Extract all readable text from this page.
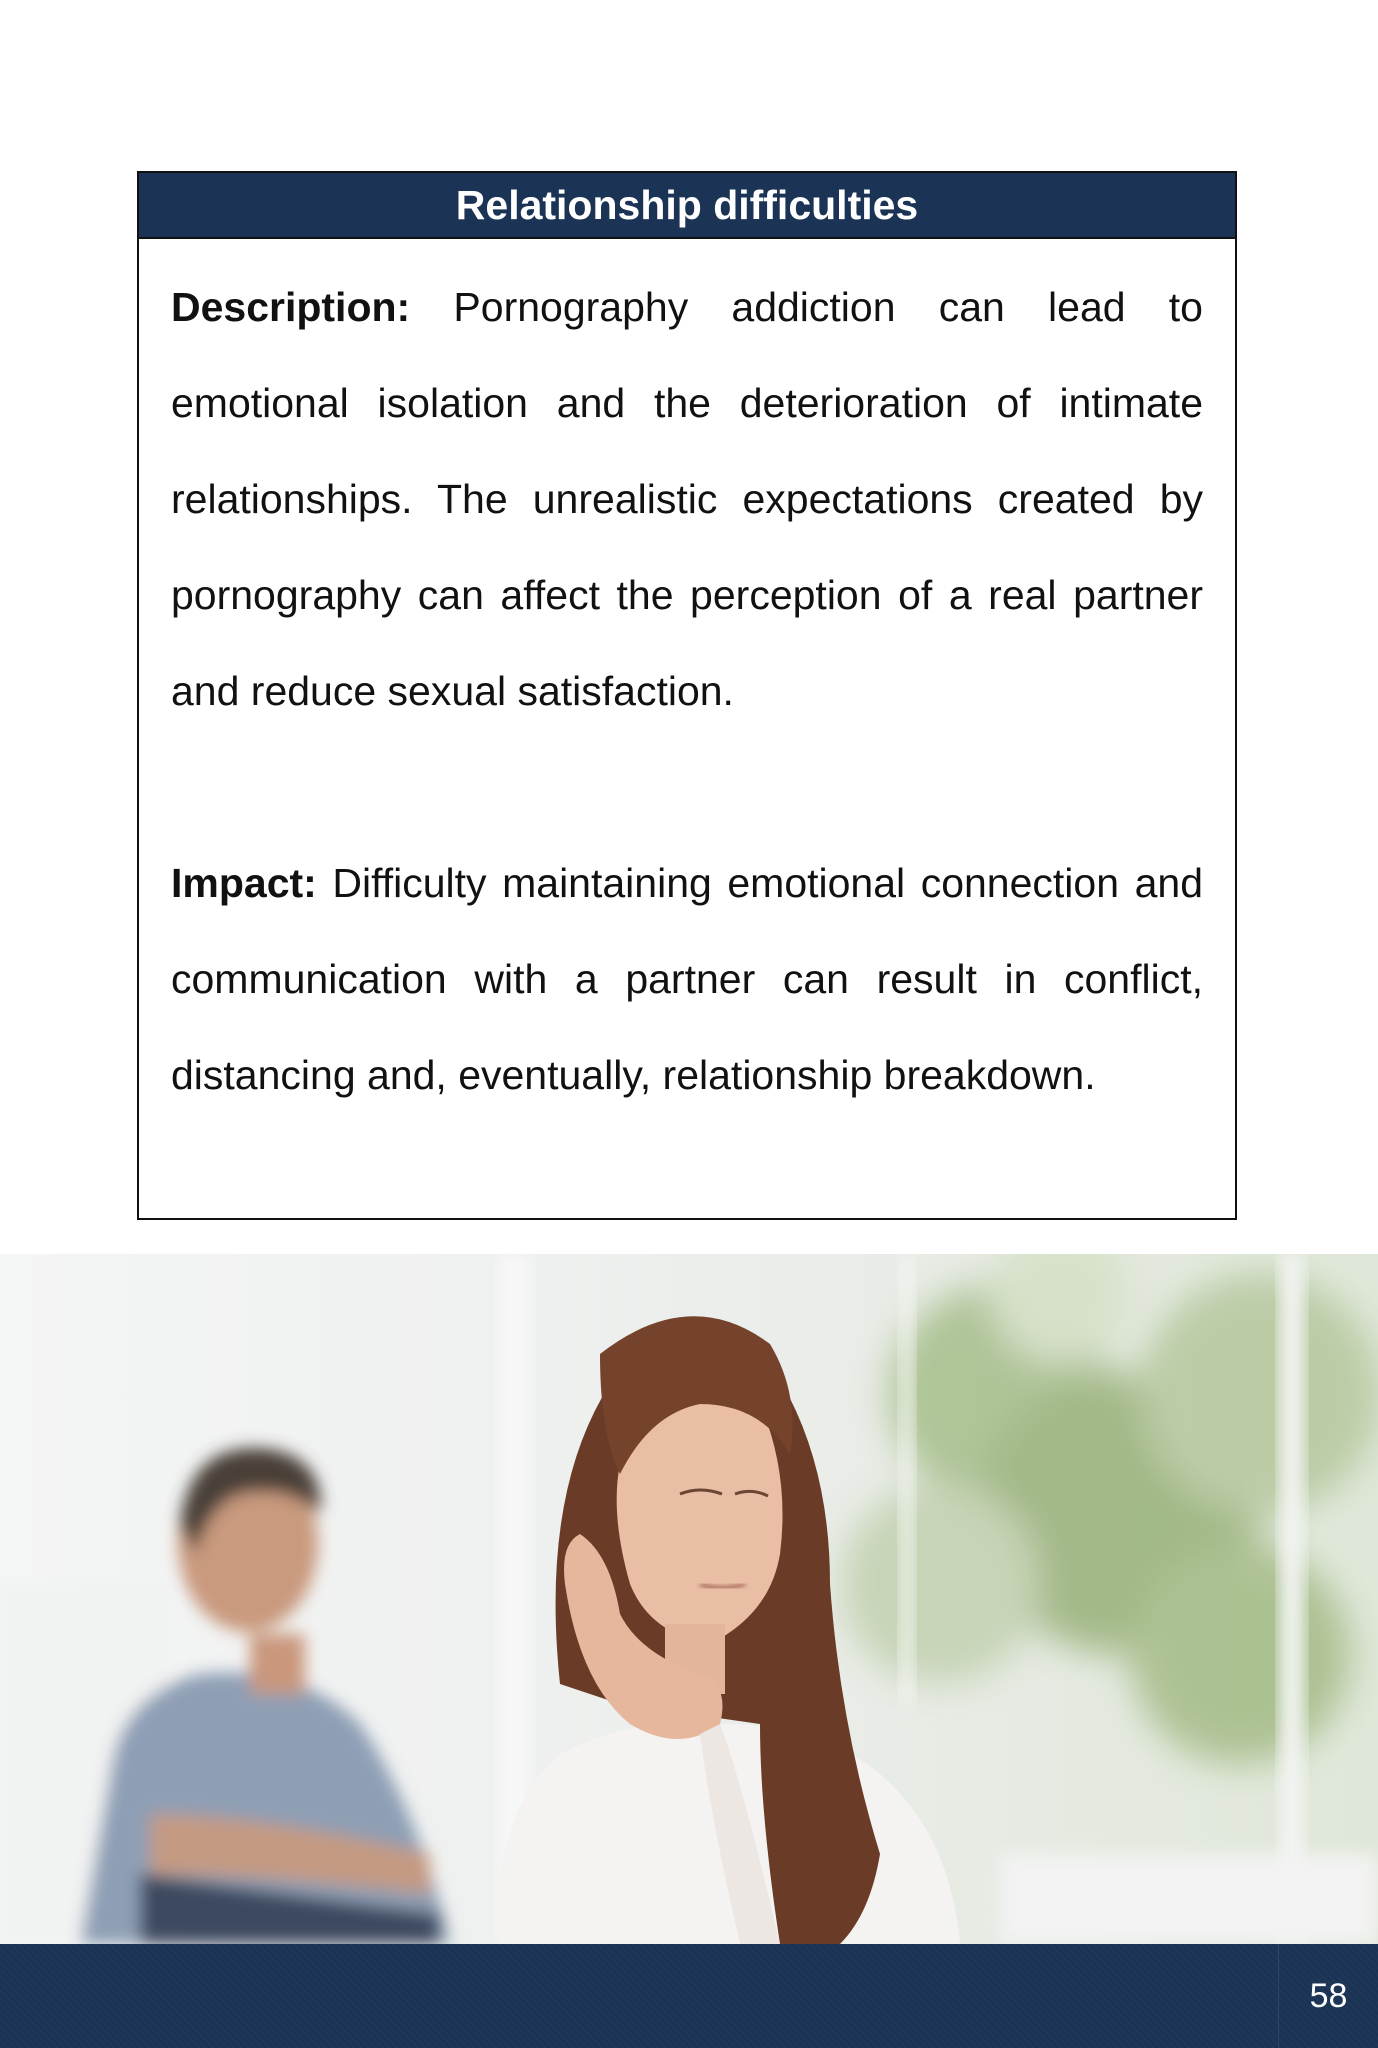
Relationship difficulties

Description: Pornography addiction can lead to emotional isolation and the deterioration of intimate relationships. The unrealistic expectations created by pornography can affect the perception of a real partner and reduce sexual satisfaction.

Impact: Difficulty maintaining emotional connection and communication with a partner can result in conflict, distancing and, eventually, relationship breakdown.

58
